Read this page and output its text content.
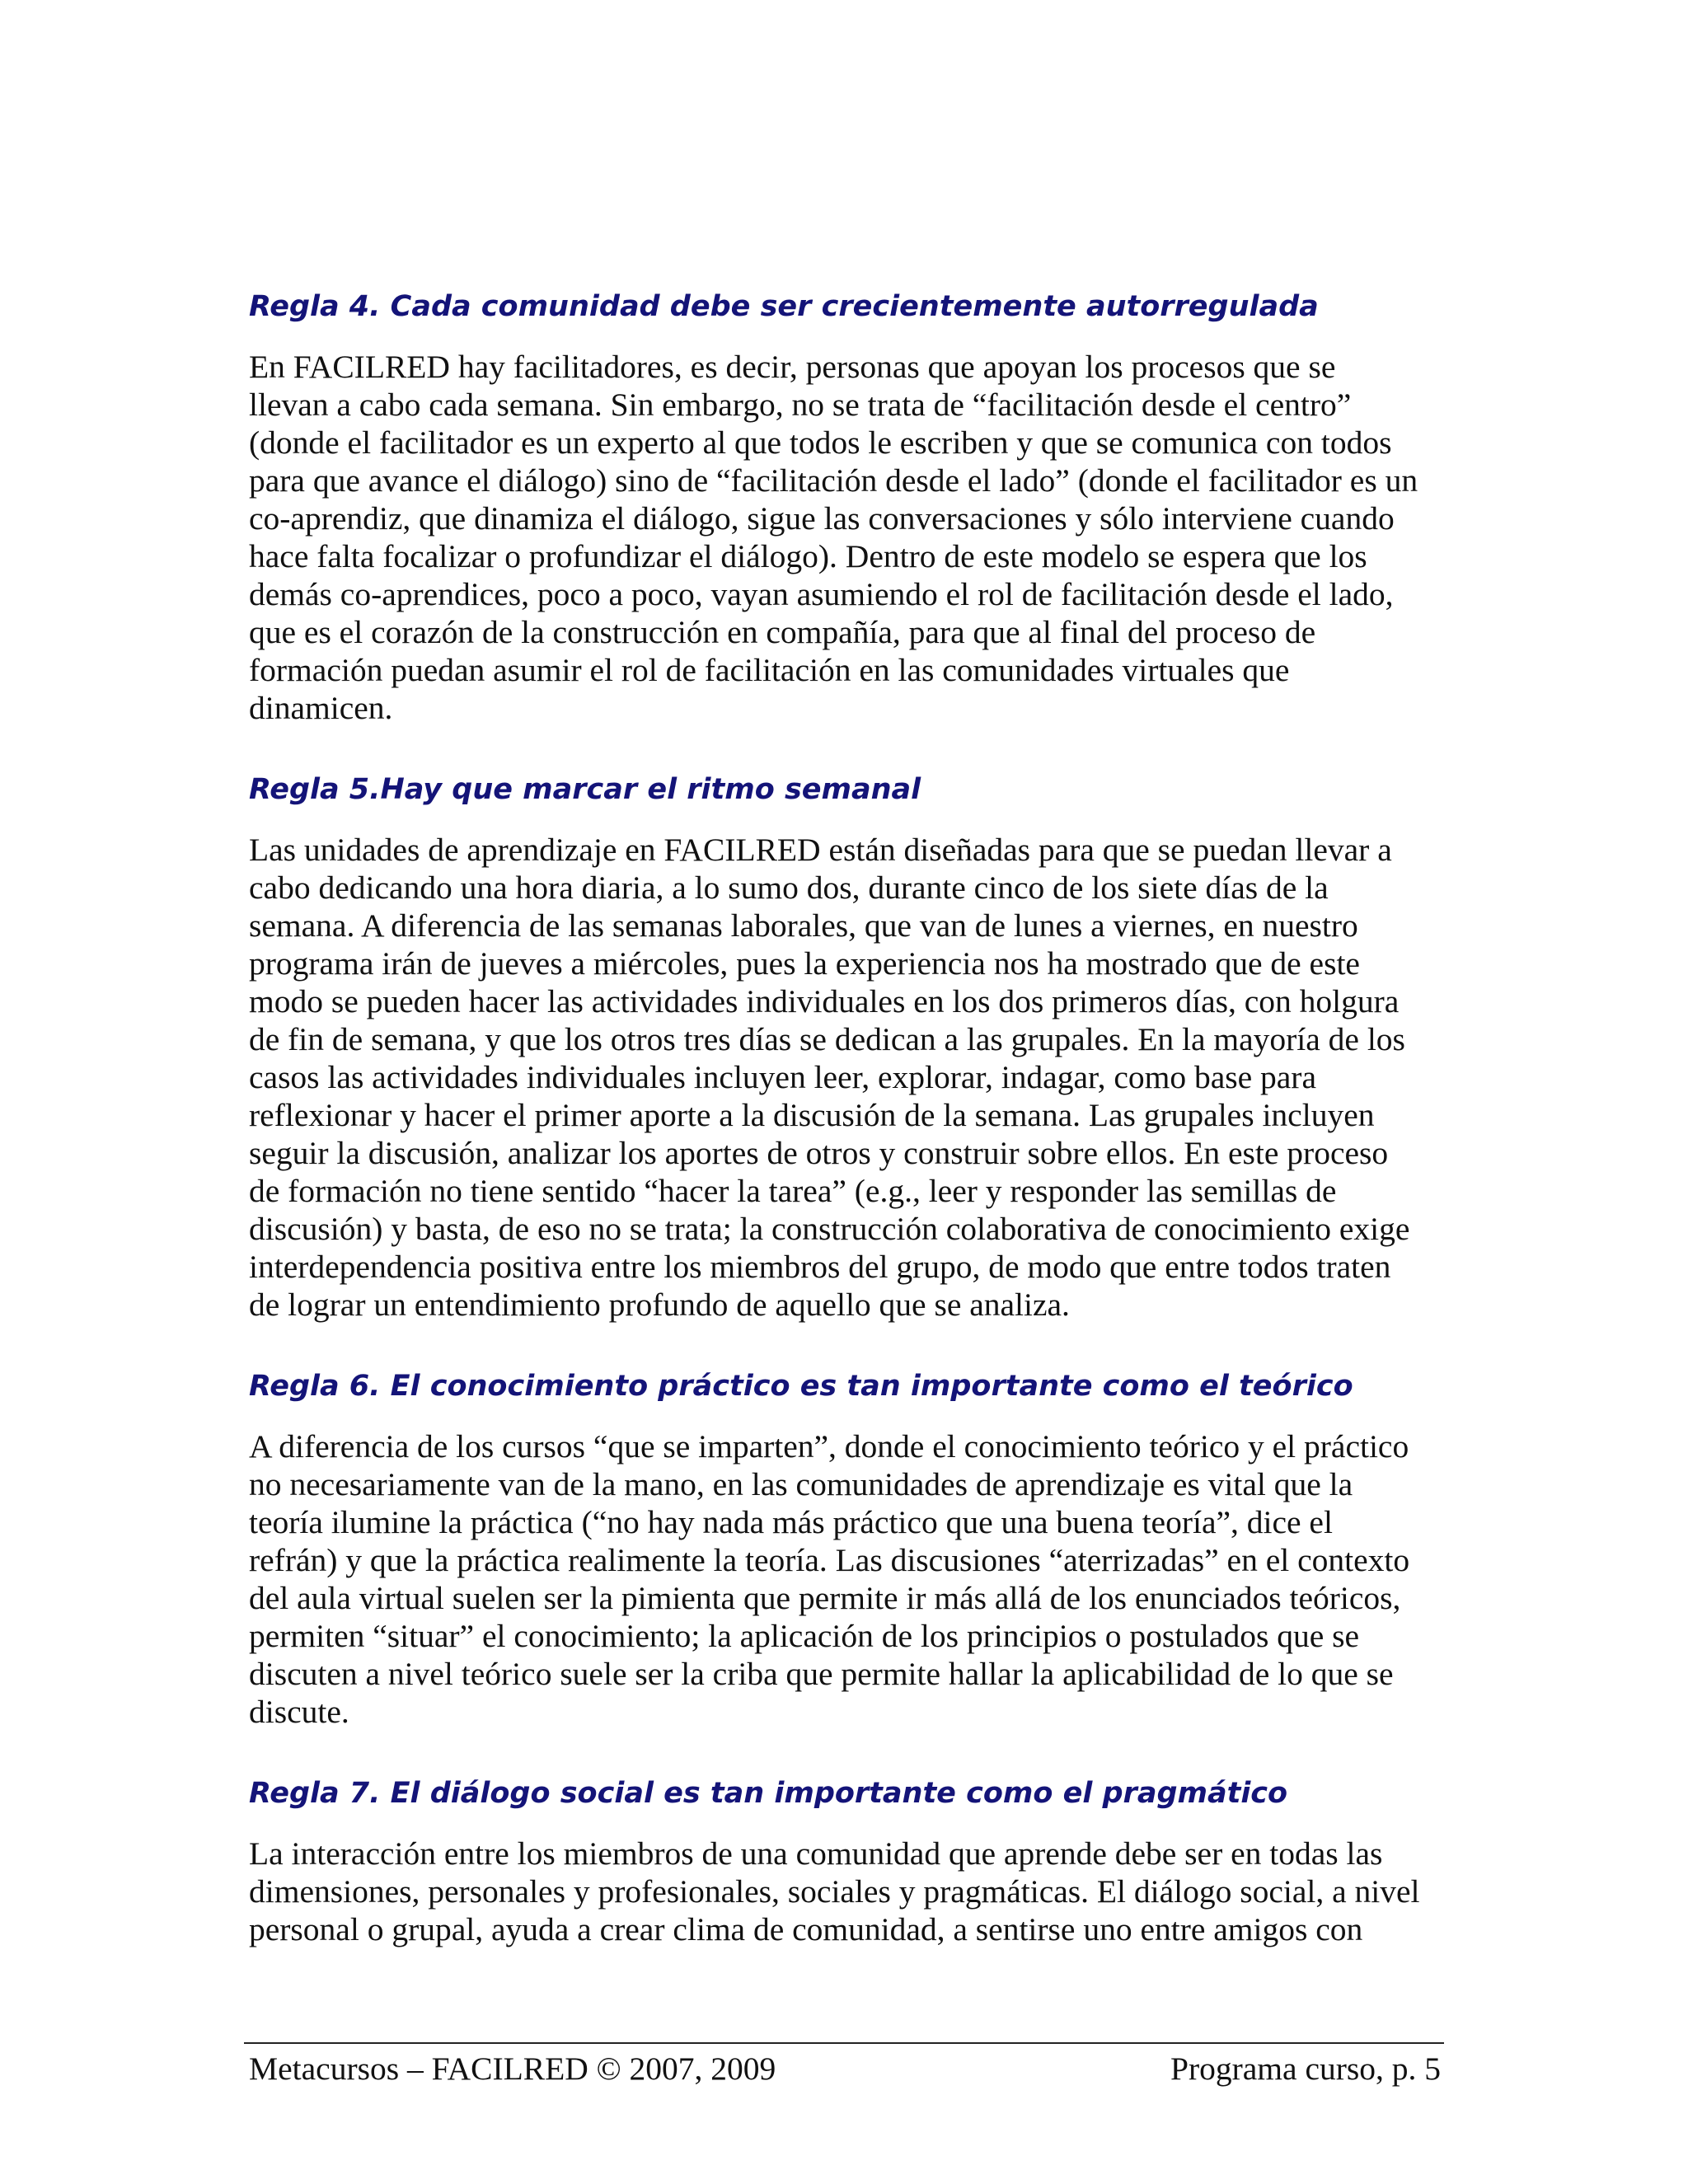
Regla 4. Cada comunidad debe ser crecientemente autorregulada

En FACILRED hay facilitadores, es decir, personas que apoyan los procesos que se
llevan a cabo cada semana. Sin embargo, no se trata de “facilitación desde el centro”
(donde el facilitador es un experto al que todos le escriben y que se comunica con todos
para que avance el diálogo) sino de “facilitación desde el lado” (donde el facilitador es un
co-aprendiz, que dinamiza el diálogo, sigue las conversaciones y sólo interviene cuando
hace falta focalizar o profundizar el diálogo). Dentro de este modelo se espera que los
demás co-aprendices, poco a poco, vayan asumiendo el rol de facilitación desde el lado,
que es el corazón de la construcción en compañía, para que al final del proceso de
formación puedan asumir el rol de facilitación en las comunidades virtuales que
dinamicen.

Regla 5.Hay que marcar el ritmo semanal

Las unidades de aprendizaje en FACILRED están diseñadas para que se puedan llevar a
cabo dedicando una hora diaria, a lo sumo dos, durante cinco de los siete días de la
semana. A diferencia de las semanas laborales, que van de lunes a viernes, en nuestro
programa irán de jueves a miércoles, pues la experiencia nos ha mostrado que de este
modo se pueden hacer las actividades individuales en los dos primeros días, con holgura
de fin de semana, y que los otros tres días se dedican a las grupales. En la mayoría de los
casos las actividades individuales incluyen leer, explorar, indagar, como base para
reflexionar y hacer el primer aporte a la discusión de la semana. Las grupales incluyen
seguir la discusión, analizar los aportes de otros y construir sobre ellos. En este proceso
de formación no tiene sentido “hacer la tarea” (e.g., leer y responder las semillas de
discusión) y basta, de eso no se trata; la construcción colaborativa de conocimiento exige
interdependencia positiva entre los miembros del grupo, de modo que entre todos traten
de lograr un entendimiento profundo de aquello que se analiza.

Regla 6. El conocimiento práctico es tan importante como el teórico

A diferencia de los cursos “que se imparten”, donde el conocimiento teórico y el práctico
no necesariamente van de la mano, en las comunidades de aprendizaje es vital que la
teoría ilumine la práctica (“no hay nada más práctico que una buena teoría”, dice el
refrán) y que la práctica realimente la teoría. Las discusiones “aterrizadas” en el contexto
del aula virtual suelen ser la pimienta que permite ir más allá de los enunciados teóricos,
permiten “situar” el conocimiento; la aplicación de los principios o postulados que se
discuten a nivel teórico suele ser la criba que permite hallar la aplicabilidad de lo que se
discute.

Regla 7. El diálogo social es tan importante como el pragmático

La interacción entre los miembros de una comunidad que aprende debe ser en todas las
dimensiones, personales y profesionales, sociales y pragmáticas. El diálogo social, a nivel
personal o grupal, ayuda a crear clima de comunidad, a sentirse uno entre amigos con

Metacursos – FACILRED © 2007, 2009	Programa curso, p. 5
